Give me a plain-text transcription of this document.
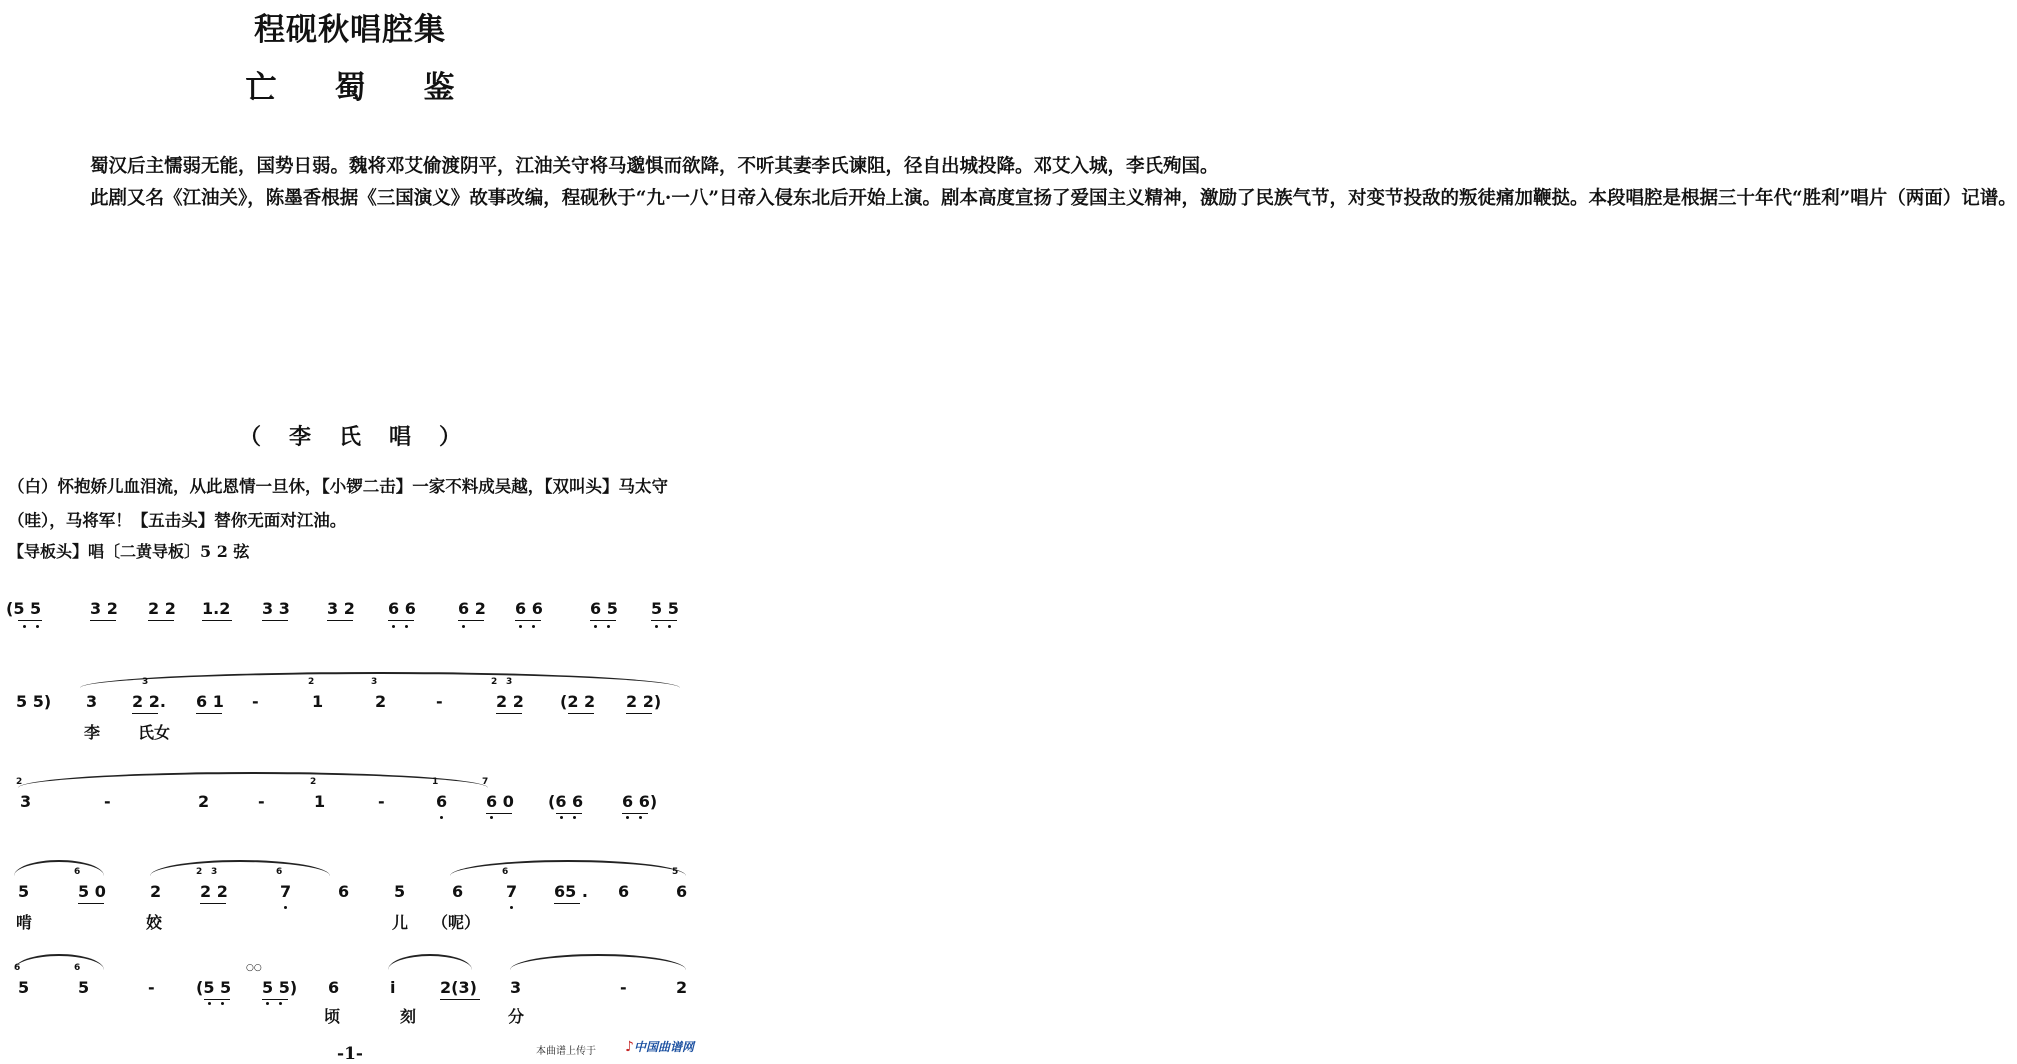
程砚秋唱腔集
亡蜀鉴

蜀汉后主懦弱无能，国势日弱。魏将邓艾偷渡阴平，江油关守将马邈惧而欲降，不听其妻李氏谏阻，径自出城投降。邓艾入城，李氏殉国。

此剧又名《江油关》，陈墨香根据《三国演义》故事改编，程砚秋于“九·一八”日帝入侵东北后开始上演。剧本高度宣扬了爱国主义精神，激励了民族气节，对变节投敌的叛徒痛加鞭挞。本段唱腔是根据三十年代“胜利”唱片（两面）记谱。

（李氏唱）
（白）怀抱娇儿血泪流，从此恩情一旦休，【小锣二击】一家不料成吴越，【双叫头】马太守（哇），马将军！【五击头】替你无面对江油。
【导板头】唱〔二黄导板〕5 2 弦
(5 5	3 2 2 2 1.2 3 3 3 2 6 6	6 2 6 6	6 5 5 5
5 5) 3 2 2. 6 1 -	1	2	-	2 2 (2 2 2 2)
3	2	3	2 3
李 氏女
3	-	2	-	1	-	6 6 0 (6 6 6 6)
2	2	1	7
5	5 0	2 2 2	7	6	5	6	7 65 . 6	6
6	2 3	6	6	5
啃	姣	儿 （呢）
5	5	-	(5 5 5 5) 6	i	2(3) 3	-	2
6	6	○○
顷	刻	分
-1-	本曲谱上传于 ♪中国曲谱网
